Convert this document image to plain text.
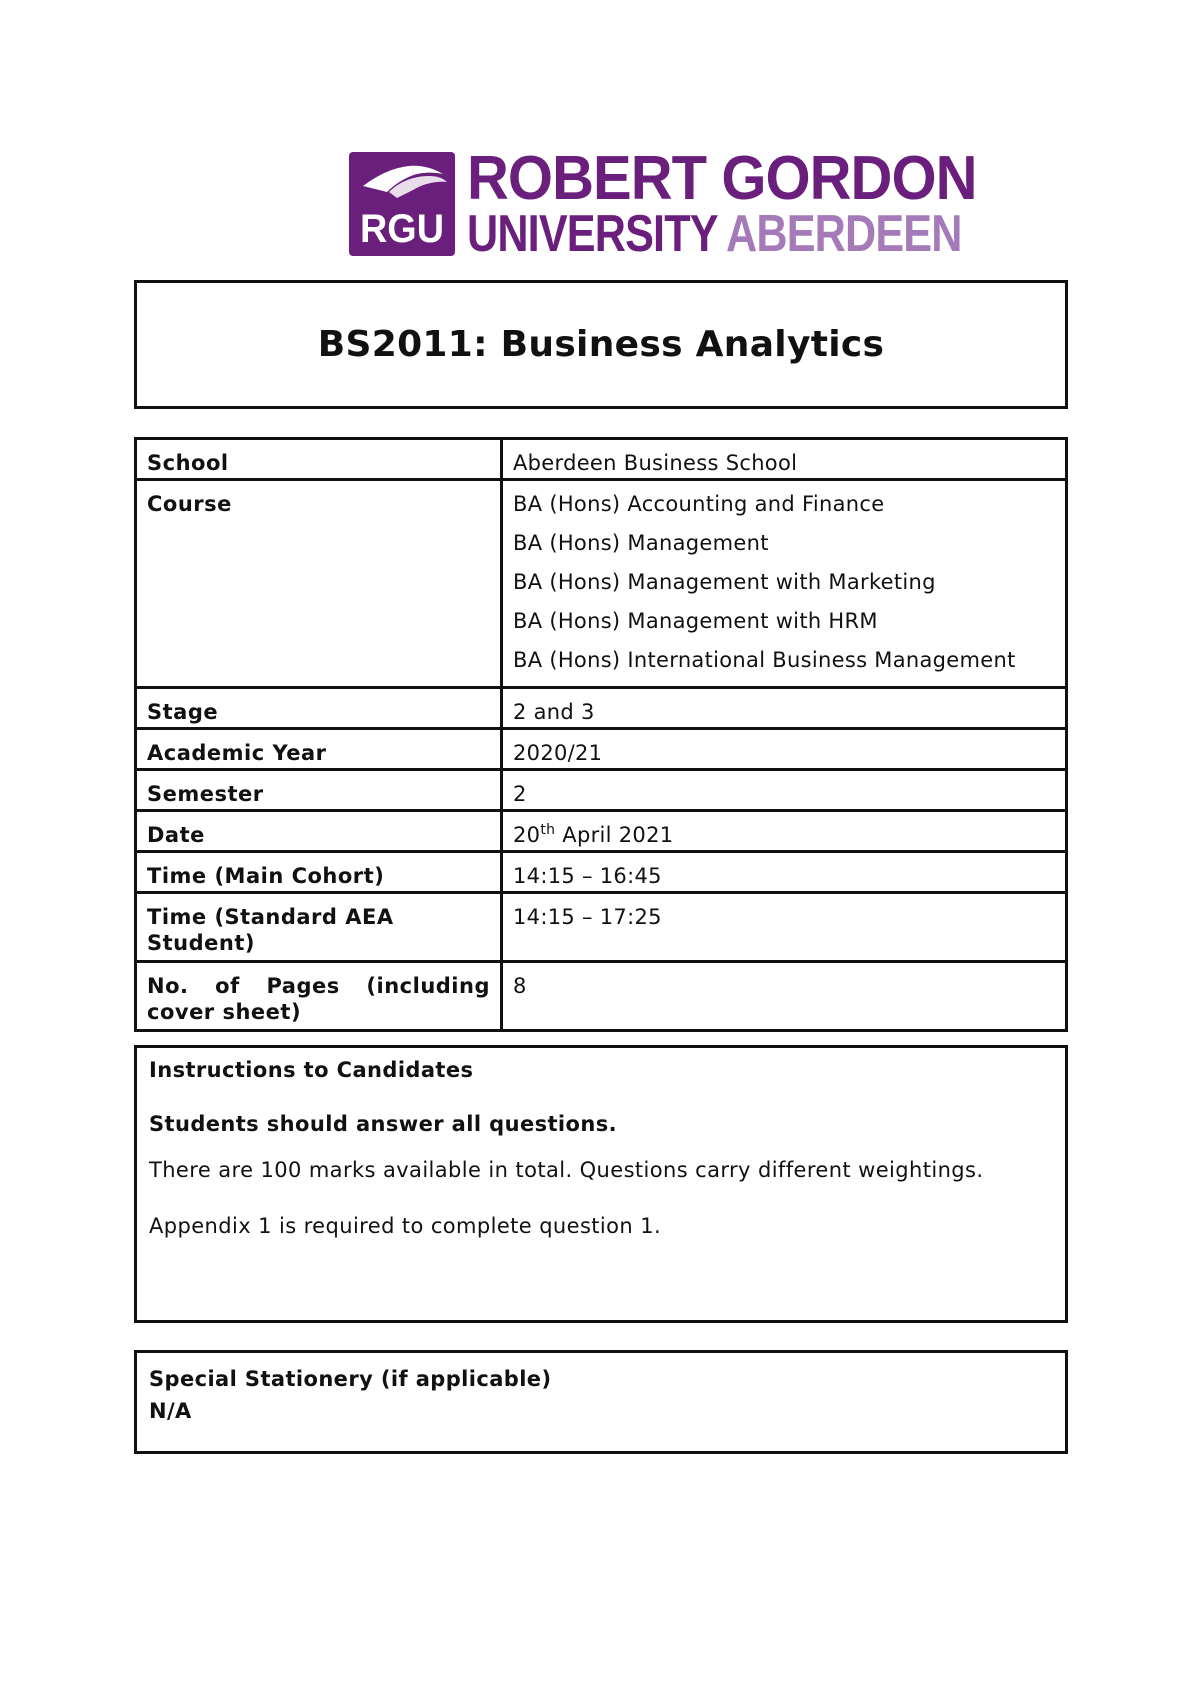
RGU
ROBERT GORDON
UNIVERSITY ABERDEEN
BS2011: Business Analytics
School	Aberdeen Business School
Course	BA (Hons) Accounting and Finance
BA (Hons) Management
BA (Hons) Management with Marketing
BA (Hons) Management with HRM
BA (Hons) International Business Management

Stage	2 and 3
Academic Year	2020/21
Semester	2
Date	20th April 2021
Time (Main Cohort)	14:15 – 16:45
Time (Standard AEA Student)	14:15 – 17:25
No. of Pages (including cover sheet)	8
Instructions to Candidates
Students should answer all questions.
There are 100 marks available in total. Questions carry different weightings.
Appendix 1 is required to complete question 1.
Special Stationery (if applicable)
N/A
